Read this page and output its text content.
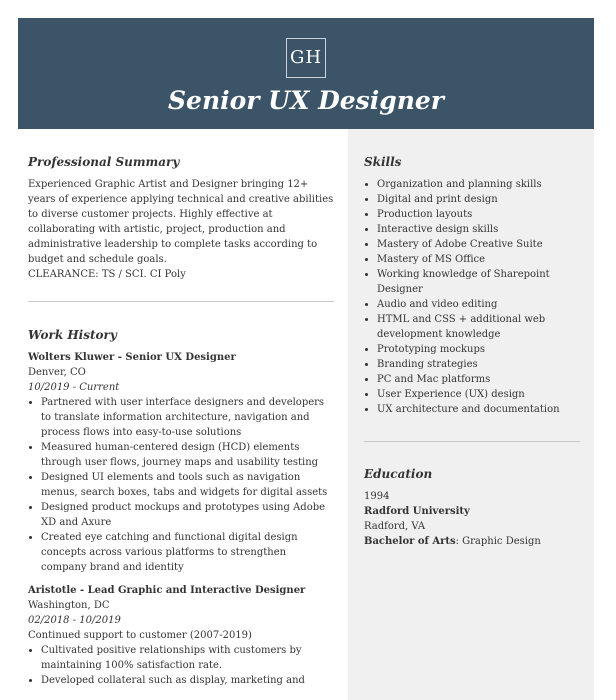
GH
Senior UX Designer
Professional Summary

Experienced Graphic Artist and Designer bringing 12+ years of experience applying technical and creative abilities to diverse customer projects. Highly effective at collaborating with artistic, project, production and administrative leadership to complete tasks according to budget and schedule goals.

CLEARANCE: TS / SCI. CI Poly

Work History
Wolters Kluwer - Senior UX Designer
Denver, CO
10/2019 - Current
• Partnered with user interface designers and developers to translate information architecture, navigation and process flows into easy-to-use solutions
• Measured human-centered design (HCD) elements through user flows, journey maps and usability testing
• Designed UI elements and tools such as navigation menus, search boxes, tabs and widgets for digital assets
• Designed product mockups and prototypes using Adobe XD and Axure
• Created eye catching and functional digital design concepts across various platforms to strengthen company brand and identity
Aristotle - Lead Graphic and Interactive Designer
Washington, DC
02/2018 - 10/2019
Continued support to customer (2007-2019)
• Cultivated positive relationships with customers by maintaining 100% satisfaction rate.
• Developed collateral such as display, marketing and
Skills
• Organization and planning skills
• Digital and print design
• Production layouts
• Interactive design skills
• Mastery of Adobe Creative Suite
• Mastery of MS Office
• Working knowledge of Sharepoint Designer
• Audio and video editing
• HTML and CSS + additional web development knowledge
• Prototyping mockups
• Branding strategies
• PC and Mac platforms
• User Experience (UX) design
• UX architecture and documentation
Education
1994
Radford University
Radford, VA
Bachelor of Arts: Graphic Design
